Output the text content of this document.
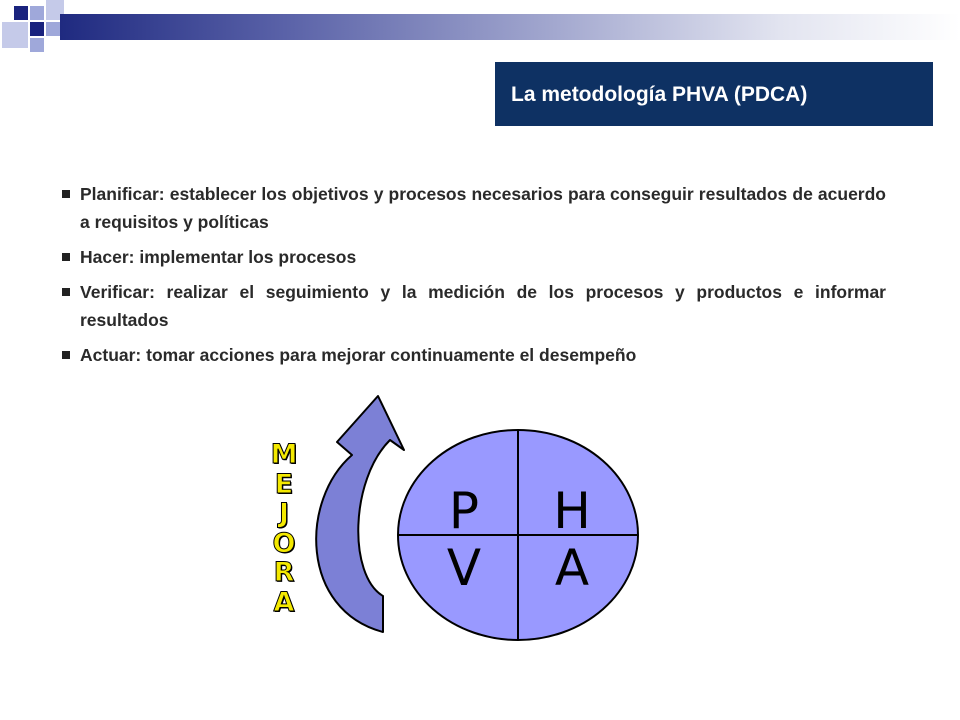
La metodología PHVA (PDCA)
Planificar: establecer los objetivos y procesos necesarios para conseguir resultados de acuerdo a requisitos y políticas
Hacer: implementar los procesos
Verificar: realizar el seguimiento y la medición de los procesos y productos e informar resultados
Actuar: tomar acciones para mejorar continuamente el desempeño
P H
V A
M
E
J
O
R
A
